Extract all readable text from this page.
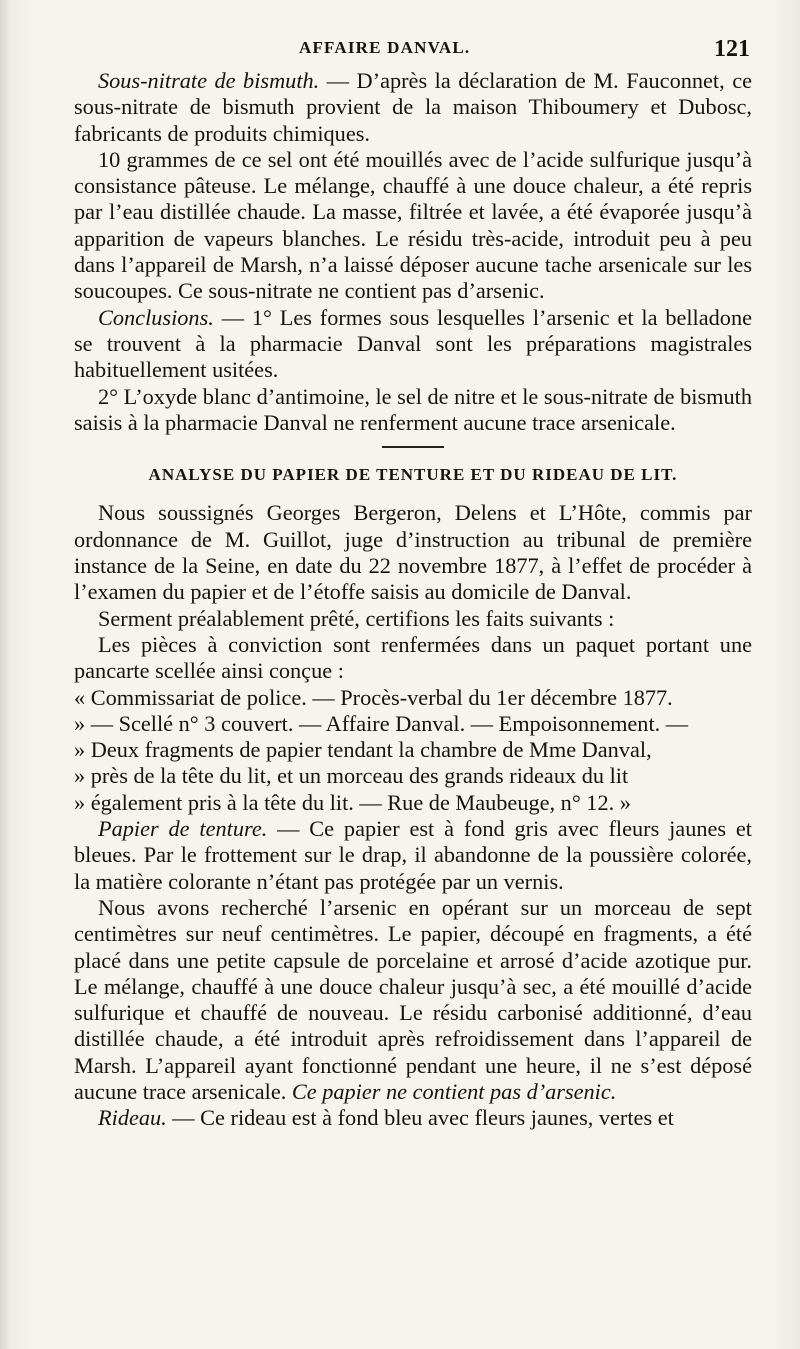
AFFAIRE DANVAL.	121

Sous-nitrate de bismuth. — D’après la déclaration de M. Fauconnet, ce sous-nitrate de bismuth provient de la maison Thiboumery et Dubosc, fabricants de produits chimiques.

10 grammes de ce sel ont été mouillés avec de l’acide sulfurique jusqu’à consistance pâteuse. Le mélange, chauffé à une douce chaleur, a été repris par l’eau distillée chaude. La masse, filtrée et lavée, a été évaporée jusqu’à apparition de vapeurs blanches. Le résidu très-acide, introduit peu à peu dans l’appareil de Marsh, n’a laissé déposer aucune tache arsenicale sur les soucoupes. Ce sous-nitrate ne contient pas d’arsenic.

Conclusions. — 1° Les formes sous lesquelles l’arsenic et la belladone se trouvent à la pharmacie Danval sont les préparations magistrales habituellement usitées.

2° L’oxyde blanc d’antimoine, le sel de nitre et le sous-nitrate de bismuth saisis à la pharmacie Danval ne renferment aucune trace arsenicale.

ANALYSE DU PAPIER DE TENTURE ET DU RIDEAU DE LIT.

Nous soussignés Georges Bergeron, Delens et L’Hôte, commis par ordonnance de M. Guillot, juge d’instruction au tribunal de première instance de la Seine, en date du 22 novembre 1877, à l’effet de procéder à l’examen du papier et de l’étoffe saisis au domicile de Danval.

Serment préalablement prêté, certifions les faits suivants :

Les pièces à conviction sont renfermées dans un paquet portant une pancarte scellée ainsi conçue :

« Commissariat de police. — Procès-verbal du 1er décembre 1877.

» — Scellé n° 3 couvert. — Affaire Danval. — Empoisonnement. —

» Deux fragments de papier tendant la chambre de Mme Danval,

» près de la tête du lit, et un morceau des grands rideaux du lit

» également pris à la tête du lit. — Rue de Maubeuge, n° 12. »

Papier de tenture. — Ce papier est à fond gris avec fleurs jaunes et bleues. Par le frottement sur le drap, il abandonne de la poussière colorée, la matière colorante n’étant pas protégée par un vernis.

Nous avons recherché l’arsenic en opérant sur un morceau de sept centimètres sur neuf centimètres. Le papier, découpé en fragments, a été placé dans une petite capsule de porcelaine et arrosé d’acide azotique pur. Le mélange, chauffé à une douce chaleur jusqu’à sec, a été mouillé d’acide sulfurique et chauffé de nouveau. Le résidu carbonisé additionné, d’eau distillée chaude, a été introduit après refroidissement dans l’appareil de Marsh. L’appareil ayant fonctionné pendant une heure, il ne s’est déposé aucune trace arsenicale. Ce papier ne contient pas d’arsenic.

Rideau. — Ce rideau est à fond bleu avec fleurs jaunes, vertes et
